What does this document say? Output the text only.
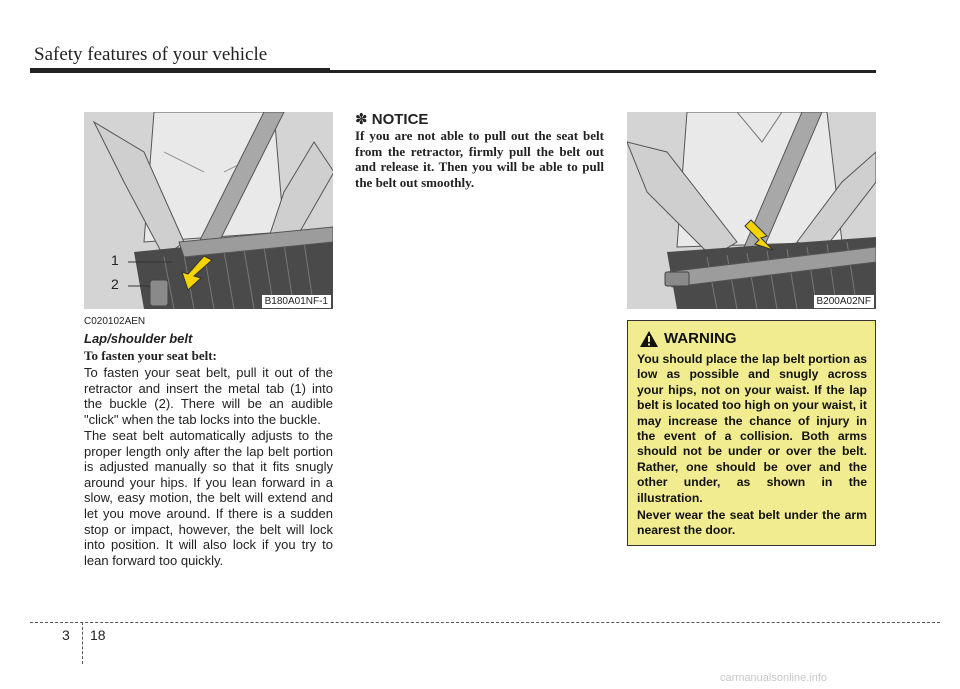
Safety features of your vehicle
1
2
B180A01NF-1
C020102AEN
Lap/shoulder belt
To fasten your seat belt:

To fasten your seat belt, pull it out of the retractor and insert the metal tab (1) into the buckle (2). There will be an audible "click" when the tab locks into the buckle.

The seat belt automatically adjusts to the proper length only after the lap belt portion is adjusted manually so that it fits snugly around your hips. If you lean forward in a slow, easy motion, the belt will extend and let you move around. If there is a sudden stop or impact, however, the belt will lock into position. It will also lock if you try to lean forward too quickly.

✽ NOTICE

If you are not able to pull out the seat belt from the retractor, firmly pull the belt out and release it. Then you will be able to pull the belt out smoothly.

B200A02NF
WARNING

You should place the lap belt portion as low as possible and snugly across your hips, not on your waist. If the lap belt is located too high on your waist, it may increase the chance of injury in the event of a collision. Both arms should not be under or over the belt. Rather, one should be over and the other under, as shown in the illustration.

Never wear the seat belt under the arm nearest the door.

3 18
carmanualsonline.info
